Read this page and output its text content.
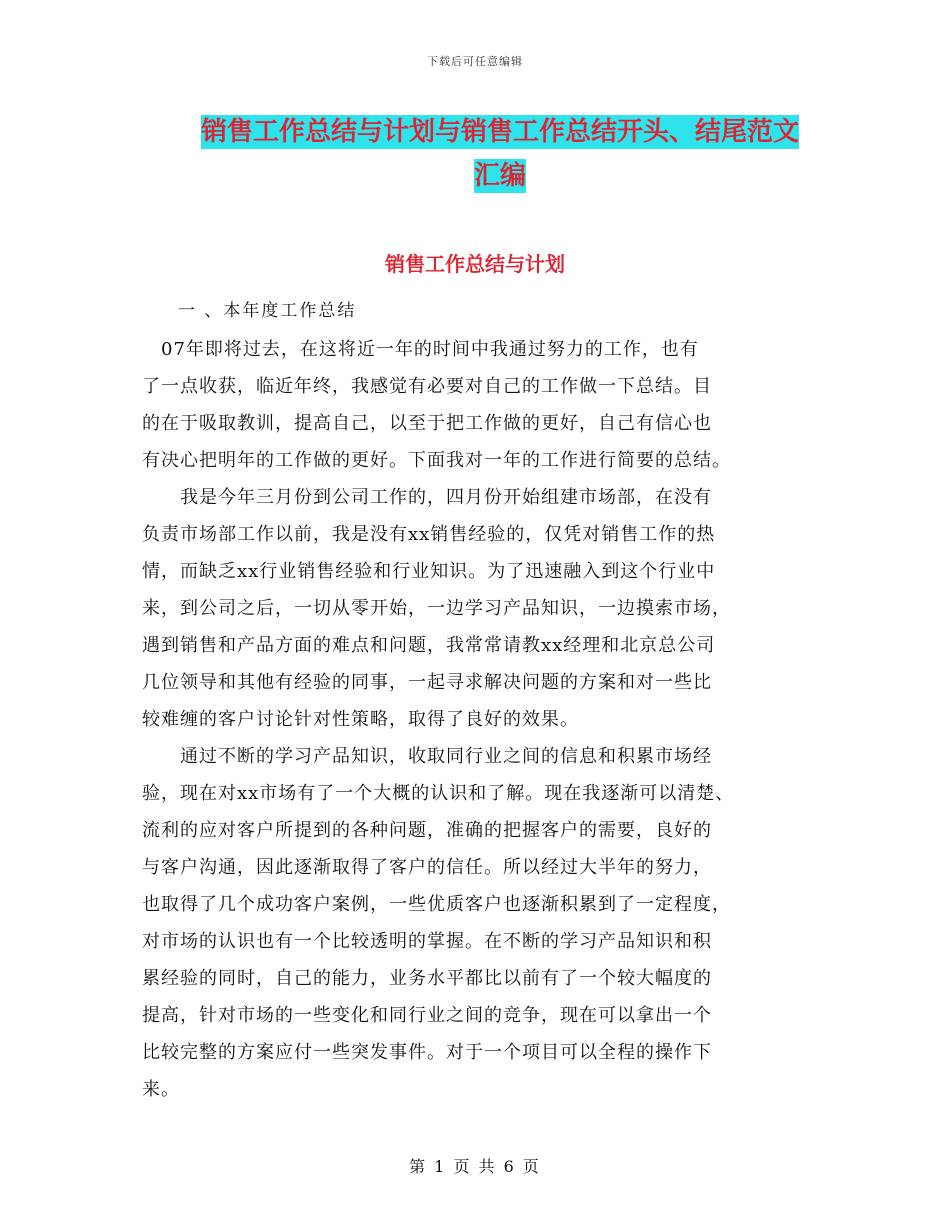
下载后可任意编辑
销售工作总结与计划与销售工作总结开头、结尾范文
汇编
销售工作总结与计划
一 、本年度工作总结
　07年即将过去，在这将近一年的时间中我通过努力的工作，也有
了一点收获，临近年终，我感觉有必要对自己的工作做一下总结。目
的在于吸取教训，提高自己，以至于把工作做的更好，自己有信心也
有决心把明年的工作做的更好。下面我对一年的工作进行简要的总结。
　　我是今年三月份到公司工作的，四月份开始组建市场部，在没有
负责市场部工作以前，我是没有xx销售经验的，仅凭对销售工作的热
情，而缺乏xx行业销售经验和行业知识。为了迅速融入到这个行业中
来，到公司之后，一切从零开始，一边学习产品知识，一边摸索市场，
遇到销售和产品方面的难点和问题，我常常请教xx经理和北京总公司
几位领导和其他有经验的同事，一起寻求解决问题的方案和对一些比
较难缠的客户讨论针对性策略，取得了良好的效果。
　　通过不断的学习产品知识，收取同行业之间的信息和积累市场经
验，现在对xx市场有了一个大概的认识和了解。现在我逐渐可以清楚、
流利的应对客户所提到的各种问题，准确的把握客户的需要，良好的
与客户沟通，因此逐渐取得了客户的信任。所以经过大半年的努力，
也取得了几个成功客户案例，一些优质客户也逐渐积累到了一定程度，
对市场的认识也有一个比较透明的掌握。在不断的学习产品知识和积
累经验的同时，自己的能力，业务水平都比以前有了一个较大幅度的
提高，针对市场的一些变化和同行业之间的竞争，现在可以拿出一个
比较完整的方案应付一些突发事件。对于一个项目可以全程的操作下
来。
第 1 页 共 6 页
